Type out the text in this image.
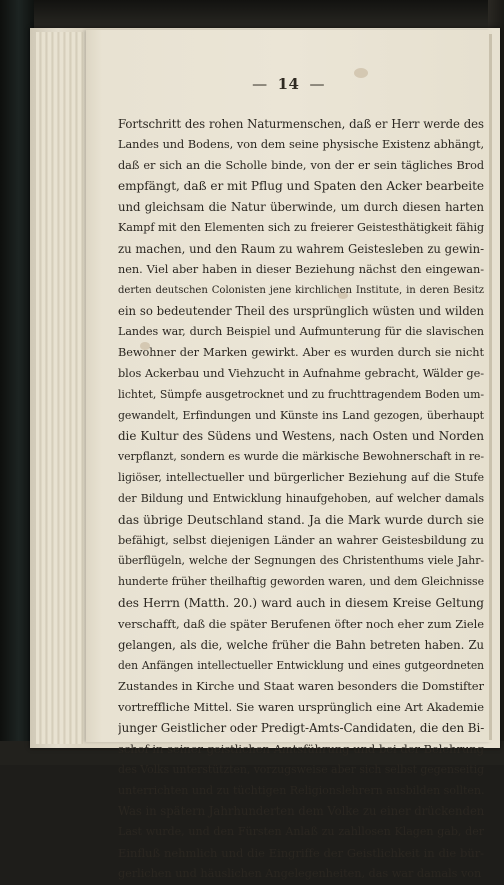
— 14 —
Fortschritt des rohen Naturmenschen, daß er Herr werde des
Landes und Bodens, von dem seine physische Existenz abhängt,
daß er sich an die Scholle binde, von der er sein tägliches Brod
empfängt, daß er mit Pflug und Spaten den Acker bearbeite
und gleichsam die Natur überwinde, um durch diesen harten
Kampf mit den Elementen sich zu freierer Geistesthätigkeit fähig
zu machen, und den Raum zu wahrem Geistesleben zu gewin-
nen. Viel aber haben in dieser Beziehung nächst den eingewan-
derten deutschen Colonisten jene kirchlichen Institute, in deren Besitz
ein so bedeutender Theil des ursprünglich wüsten und wilden
Landes war, durch Beispiel und Aufmunterung für die slavischen
Bewohner der Marken gewirkt. Aber es wurden durch sie nicht
blos Ackerbau und Viehzucht in Aufnahme gebracht, Wälder ge-
lichtet, Sümpfe ausgetrocknet und zu fruchttragendem Boden um-
gewandelt, Erfindungen und Künste ins Land gezogen, überhaupt
die Kultur des Südens und Westens, nach Osten und Norden
verpflanzt, sondern es wurde die märkische Bewohnerschaft in re-
ligiöser, intellectueller und bürgerlicher Beziehung auf die Stufe
der Bildung und Entwicklung hinaufgehoben, auf welcher damals
das übrige Deutschland stand. Ja die Mark wurde durch sie
befähigt, selbst diejenigen Länder an wahrer Geistesbildung zu
überflügeln, welche der Segnungen des Christenthums viele Jahr-
hunderte früher theilhaftig geworden waren, und dem Gleichnisse
des Herrn (Matth. 20.) ward auch in diesem Kreise Geltung
verschafft, daß die später Berufenen öfter noch eher zum Ziele
gelangen, als die, welche früher die Bahn betreten haben. Zu
den Anfängen intellectueller Entwicklung und eines gutgeordneten
Zustandes in Kirche und Staat waren besonders die Domstifter
vortreffliche Mittel. Sie waren ursprünglich eine Art Akademie
junger Geistlicher oder Predigt-Amts-Candidaten, die den Bi-
schof in seiner geistlichen Amtsführung und bei der Belehrung
des Volks unterstützten, vorzugsweise aber sich selbst gegenseitig
unterrichten und zu tüchtigen Religionslehrern ausbilden sollten.
Was in spätern Jahrhunderten dem Volke zu einer drückenden
Last wurde, und den Fürsten Anlaß zu zahllosen Klagen gab, der
Einfluß nehmlich und die Eingriffe der Geistlichkeit in die bür-
gerlichen und häuslichen Angelegenheiten, das war damals von
